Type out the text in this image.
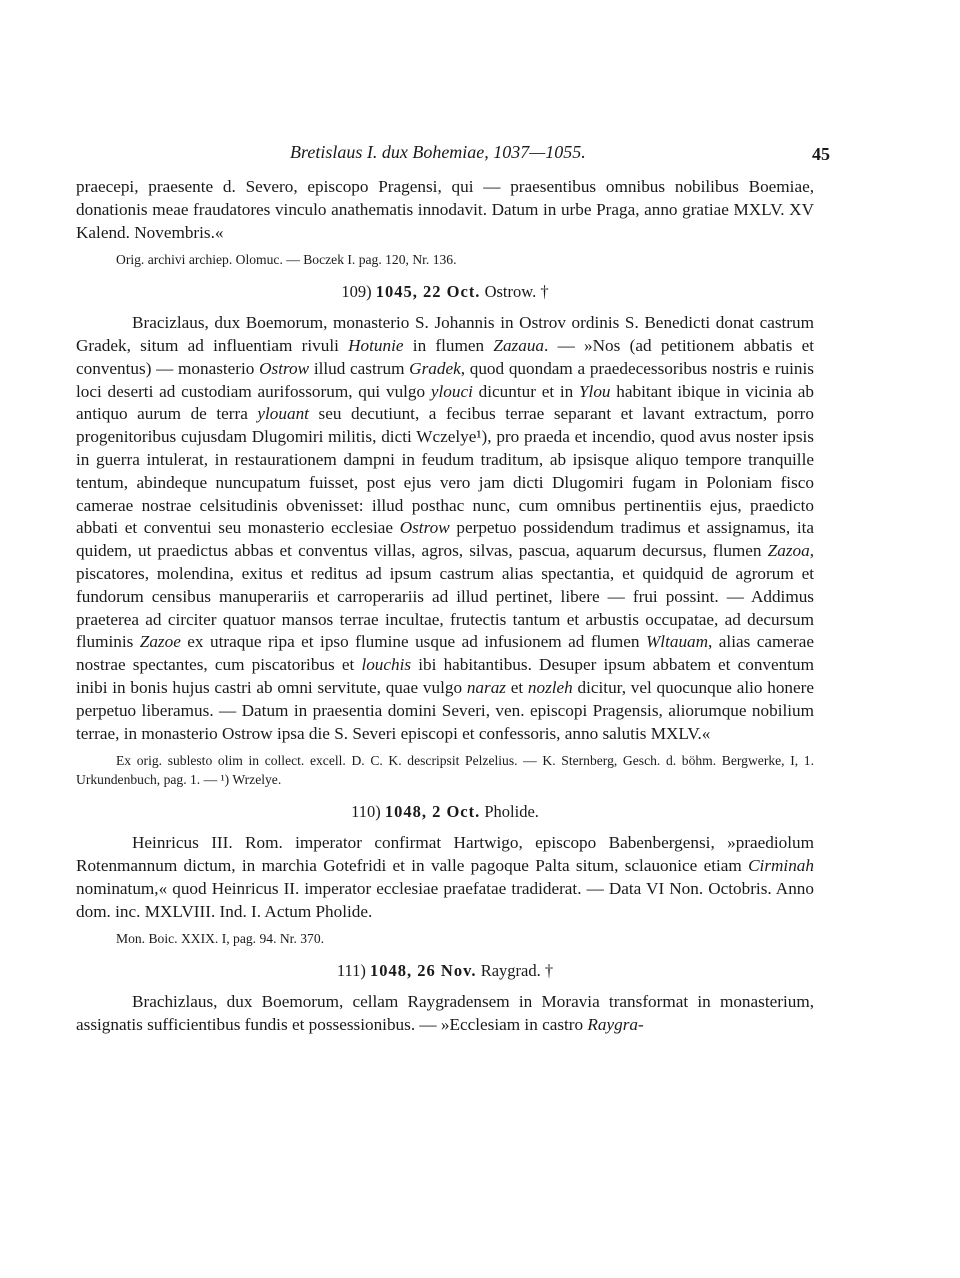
Bretislaus I. dux Bohemiae, 1037—1055.	45

praecepi, praesente d. Severo, episcopo Pragensi, qui — praesentibus omnibus nobilibus Boemiae, donationis meae fraudatores vinculo anathematis innodavit. Datum in urbe Praga, anno gratiae MXLV. XV Kalend. Novembris.«

Orig. archivi archiep. Olomuc. — Boczek I. pag. 120, Nr. 136.

109) 1045, 22 Oct. Ostrow. †

Bracizlaus, dux Boemorum, monasterio S. Johannis in Ostrov ordinis S. Benedicti donat castrum Gradek, situm ad influentiam rivuli Hotunie in flumen Zazaua. — »Nos (ad petitionem abbatis et conventus) — monasterio Ostrow illud castrum Gradek, quod quondam a praedecessoribus nostris e ruinis loci deserti ad custodiam aurifossorum, qui vulgo ylouci dicuntur et in Ylou habitant ibique in vicinia ab antiquo aurum de terra ylouant seu decutiunt, a fecibus terrae separant et lavant extractum, porro progenitoribus cujusdam Dlugomiri militis, dicti Wczelye¹), pro praeda et incendio, quod avus noster ipsis in guerra intulerat, in restaurationem dampni in feudum traditum, ab ipsisque aliquo tempore tranquille tentum, abindeque nuncupatum fuisset, post ejus vero jam dicti Dlugomiri fugam in Poloniam fisco camerae nostrae celsitudinis obvenisset: illud posthac nunc, cum omnibus pertinentiis ejus, praedicto abbati et conventui seu monasterio ecclesiae Ostrow perpetuo possidendum tradimus et assignamus, ita quidem, ut praedictus abbas et conventus villas, agros, silvas, pascua, aquarum decursus, flumen Zazoa, piscatores, molendina, exitus et reditus ad ipsum castrum alias spectantia, et quidquid de agrorum et fundorum censibus manuperariis et carroperariis ad illud pertinet, libere — frui possint. — Addimus praeterea ad circiter quatuor mansos terrae incultae, frutectis tantum et arbustis occupatae, ad decursum fluminis Zazoe ex utraque ripa et ipso flumine usque ad infusionem ad flumen Wltauam, alias camerae nostrae spectantes, cum piscatoribus et louchis ibi habitantibus. Desuper ipsum abbatem et conventum inibi in bonis hujus castri ab omni servitute, quae vulgo naraz et nozleh dicitur, vel quocunque alio honere perpetuo liberamus. — Datum in praesentia domini Severi, ven. episcopi Pragensis, aliorumque nobilium terrae, in monasterio Ostrow ipsa die S. Severi episcopi et confessoris, anno salutis MXLV.«

Ex orig. sublesto olim in collect. excell. D. C. K. descripsit Pelzelius. — K. Sternberg, Gesch. d. böhm. Bergwerke, I, 1. Urkundenbuch, pag. 1. — ¹) Wrzelye.

110) 1048, 2 Oct. Pholide.

Heinricus III. Rom. imperator confirmat Hartwigo, episcopo Babenbergensi, »praediolum Rotenmannum dictum, in marchia Gotefridi et in valle pagoque Palta situm, sclauonice etiam Cirminah nominatum,« quod Heinricus II. imperator ecclesiae praefatae tradiderat. — Data VI Non. Octobris. Anno dom. inc. MXLVIII. Ind. I. Actum Pholide.

Mon. Boic. XXIX. I, pag. 94. Nr. 370.

111) 1048, 26 Nov. Raygrad. †

Brachizlaus, dux Boemorum, cellam Raygradensem in Moravia transformat in monasterium, assignatis sufficientibus fundis et possessionibus. — »Ecclesiam in castro Raygra-
